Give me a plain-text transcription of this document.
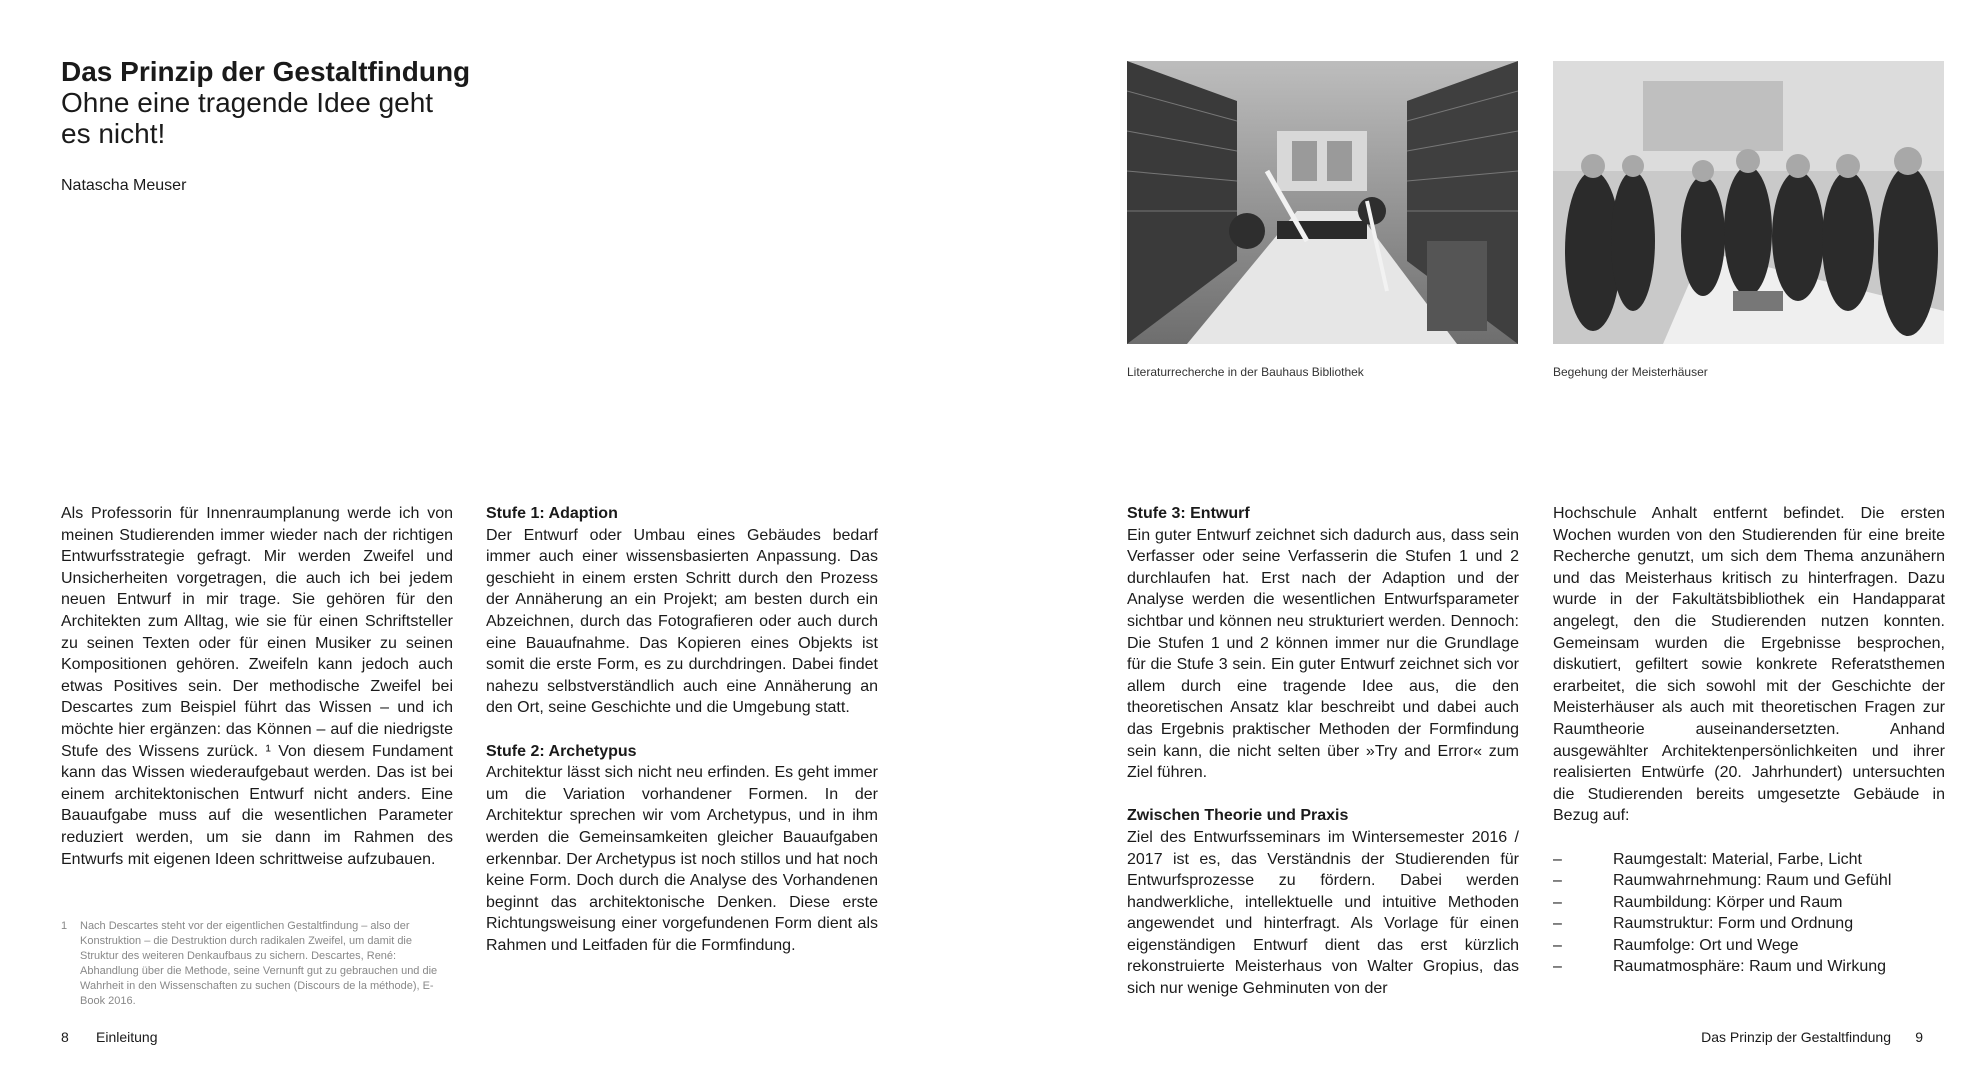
Das Prinzip der Gestaltfindung
Ohne eine tragende Idee geht es nicht!
Natascha Meuser
Literaturrecherche in der Bauhaus Bibliothek	Begehung der Meisterhäuser

Als Professorin für Innenraumplanung werde ich von meinen Studierenden immer wieder nach der richtigen Entwurfsstrategie gefragt. Mir werden Zweifel und Unsicherheiten vorgetragen, die auch ich bei jedem neuen Entwurf in mir trage. Sie gehören für den Architekten zum Alltag, wie sie für einen Schriftsteller zu seinen Texten oder für einen Musiker zu seinen Kompositionen gehören. Zweifeln kann jedoch auch etwas Positives sein. Der methodische Zweifel bei Descartes zum Beispiel führt das Wissen – und ich möchte hier ergänzen: das Können – auf die niedrigste Stufe des Wissens zurück. ¹ Von diesem Fundament kann das Wissen wiederaufgebaut werden. Das ist bei einem architektonischen Entwurf nicht anders. Eine Bauaufgabe muss auf die wesentlichen Parameter reduziert werden, um sie dann im Rahmen des Entwurfs mit eigenen Ideen schrittweise aufzubauen.

1 Nach Descartes steht vor der eigentlichen Gestaltfindung – also der Konstruktion – die Destruktion durch radikalen Zweifel, um damit die Struktur des weiteren Denkaufbaus zu sichern. Descartes, René: Abhandlung über die Methode, seine Vernunft gut zu gebrauchen und die Wahrheit in den Wissenschaften zu suchen (Discours de la méthode), E-Book 2016.

Stufe 1: Adaption

Der Entwurf oder Umbau eines Gebäudes bedarf immer auch einer wissensbasierten Anpassung. Das geschieht in einem ersten Schritt durch den Prozess der Annäherung an ein Projekt; am besten durch ein Abzeichnen, durch das Fotografieren oder auch durch eine Bauaufnahme. Das Kopieren eines Objekts ist somit die erste Form, es zu durchdringen. Dabei findet nahezu selbstverständlich auch eine Annäherung an den Ort, seine Geschichte und die Umgebung statt.

Stufe 2: Archetypus

Architektur lässt sich nicht neu erfinden. Es geht immer um die Variation vorhandener Formen. In der Architektur sprechen wir vom Archetypus, und in ihm werden die Gemeinsamkeiten gleicher Bauaufgaben erkennbar. Der Archetypus ist noch stillos und hat noch keine Form. Doch durch die Analyse des Vorhandenen beginnt das architektonische Denken. Diese erste Richtungsweisung einer vorgefundenen Form dient als Rahmen und Leitfaden für die Formfindung.

Stufe 3: Entwurf

Ein guter Entwurf zeichnet sich dadurch aus, dass sein Verfasser oder seine Verfasserin die Stufen 1 und 2 durchlaufen hat. Erst nach der Adaption und der Analyse werden die wesentlichen Entwurfsparameter sichtbar und können neu strukturiert werden. Dennoch: Die Stufen 1 und 2 können immer nur die Grundlage für die Stufe 3 sein. Ein guter Entwurf zeichnet sich vor allem durch eine tragende Idee aus, die den theoretischen Ansatz klar beschreibt und dabei auch das Ergebnis praktischer Methoden der Formfindung sein kann, die nicht selten über »Try and Error« zum Ziel führen.

Zwischen Theorie und Praxis

Ziel des Entwurfsseminars im Wintersemester 2016 / 2017 ist es, das Verständnis der Studierenden für Entwurfsprozesse zu fördern. Dabei werden handwerkliche, intellektuelle und intuitive Methoden angewendet und hinterfragt. Als Vorlage für einen eigenständigen Entwurf dient das erst kürzlich rekonstruierte Meisterhaus von Walter Gropius, das sich nur wenige Gehminuten von der

Hochschule Anhalt entfernt befindet. Die ersten Wochen wurden von den Studierenden für eine breite Recherche genutzt, um sich dem Thema anzunähern und das Meisterhaus kritisch zu hinterfragen. Dazu wurde in der Fakultätsbibliothek ein Handapparat angelegt, den die Studierenden nutzen konnten. Gemeinsam wurden die Ergebnisse besprochen, diskutiert, gefiltert sowie konkrete Referatsthemen erarbeitet, die sich sowohl mit der Geschichte der Meisterhäuser als auch mit theoretischen Fragen zur Raumtheorie auseinandersetzten. Anhand ausgewählter Architektenpersönlichkeiten und ihrer realisierten Entwürfe (20. Jahrhundert) untersuchten die Studierenden bereits umgesetzte Gebäude in Bezug auf:

–	Raumgestalt: Material, Farbe, Licht
–	Raumwahrnehmung: Raum und Gefühl
–	Raumbildung: Körper und Raum
–	Raumstruktur: Form und Ordnung
–	Raumfolge: Ort und Wege
–	Raumatmosphäre: Raum und Wirkung
8 Einleitung	Das Prinzip der Gestaltfindung 9
